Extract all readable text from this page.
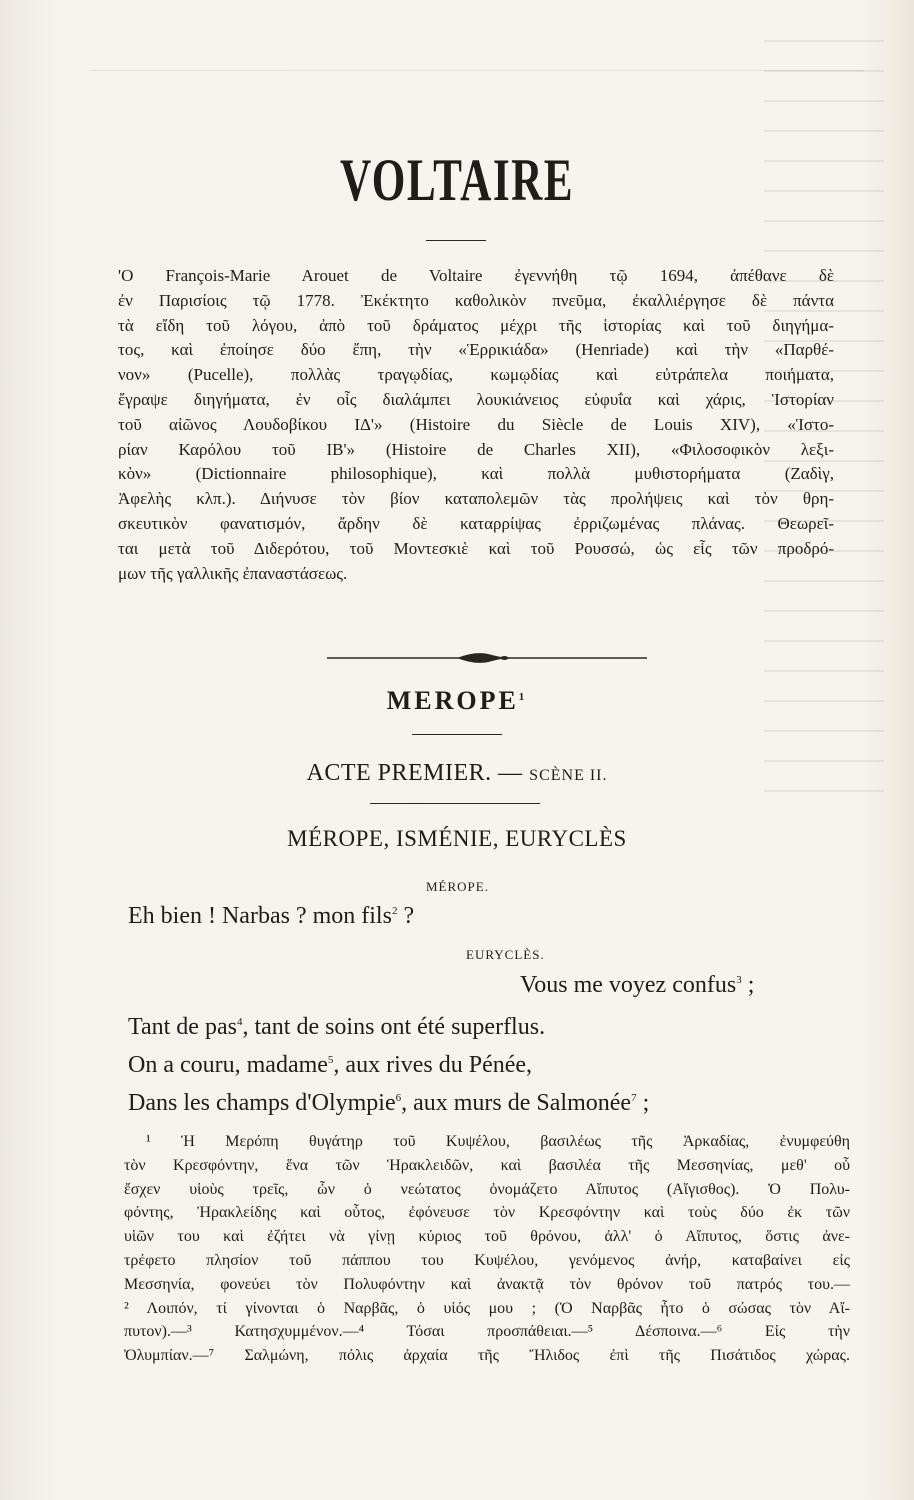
VOLTAIRE
'O François-Marie Arouet de Voltaire ἐγεννήθη τῷ 1694, ἀπέθανε δὲ
ἐν Παρισίοις τῷ 1778. Ἐκέκτητο καθολικὸν πνεῦμα, ἐκαλλιέργησε δὲ πάντα
τὰ εἴδη τοῦ λόγου, ἀπὸ τοῦ δράματος μέχρι τῆς ἱστορίας καὶ τοῦ διηγήμα-
τος, καὶ ἐποίησε δύο ἔπη, τὴν «Ἑρρικιάδα» (Henriade) καὶ τὴν «Παρθέ-
νον» (Pucelle), πολλὰς τραγῳδίας, κωμῳδίας καὶ εὐτράπελα ποιήματα,
ἔγραψε διηγήματα, ἐν οἷς διαλάμπει λουκιάνειος εὐφυΐα καὶ χάρις, Ἱστορίαν
τοῦ αἰῶνος Λουδοβίκου ΙΔ'» (Histoire du Siècle de Louis XIV), «Ἱστο-
ρίαν Καρόλου τοῦ ΙΒ'» (Histoire de Charles XII), «Φιλοσοφικὸν λεξι-
κὸν» (Dictionnaire philosophique), καὶ πολλὰ μυθιστορήματα (Ζαδὶγ,
Ἀφελὴς κλπ.). Διήνυσε τὸν βίον καταπολεμῶν τὰς προλήψεις καὶ τὸν θρη-
σκευτικὸν φανατισμόν, ἄρδην δὲ καταρρίψας ἐρριζωμένας πλάνας. Θεωρεῖ-
ται μετὰ τοῦ Διδερότου, τοῦ Μοντεσκιὲ καὶ τοῦ Ρουσσώ, ὡς εἷς τῶν προδρό-
μων τῆς γαλλικῆς ἐπαναστάσεως.
MEROPE$^1$
ACTE PREMIER. — SCÈNE II.
MÉROPE, ISMÉNIE, EURYCLÈS
MÉROPE.
Eh bien ! Narbas ? mon fils$^2$ ?
EURYCLÈS.
Vous me voyez confus$^3$ ;
Tant de pas$^4$, tant de soins ont été superflus.
On a couru, madame$^5$, aux rives du Pénée,
Dans les champs d'Olympie$^6$, aux murs de Salmonée$^7$ ;
¹ Ἡ Μερόπη θυγάτηρ τοῦ Κυψέλου, βασιλέως τῆς Ἀρκαδίας, ἐνυμφεύθη
τὸν Κρεσφόντην, ἕνα τῶν Ἡρακλειδῶν, καὶ βασιλέα τῆς Μεσσηνίας, μεθ' οὗ
ἔσχεν υἱοὺς τρεῖς, ὧν ὁ νεώτατος ὀνομάζετο Αἴπυτος (Αἴγισθος). Ὁ Πολυ-
φόντης, Ἡρακλείδης καὶ οὗτος, ἐφόνευσε τὸν Κρεσφόντην καὶ τοὺς δύο ἐκ τῶν
υἱῶν του καὶ ἐζήτει νὰ γίνῃ κύριος τοῦ θρόνου, ἀλλ' ὁ Αἴπυτος, ὅστις ἀνε-
τρέφετο πλησίον τοῦ πάππου του Κυψέλου, γενόμενος ἀνήρ, καταβαίνει εἰς
Μεσσηνία, φονεύει τὸν Πολυφόντην καὶ ἀνακτᾷ τὸν θρόνον τοῦ πατρός του.—
² Λοιπόν, τί γίνονται ὁ Ναρβᾶς, ὁ υἱός μου ; (Ὁ Ναρβᾶς ἦτο ὁ σώσας τὸν Αἴ-
πυτον).—³ Κατησχυμμένον.—⁴ Τόσαι προσπάθειαι.—⁵ Δέσποινα.—⁶ Εἰς τὴν
Ὀλυμπίαν.—⁷ Σαλμώνη, πόλις ἀρχαία τῆς Ἤλιδος ἐπὶ τῆς Πισάτιδος χώρας.
